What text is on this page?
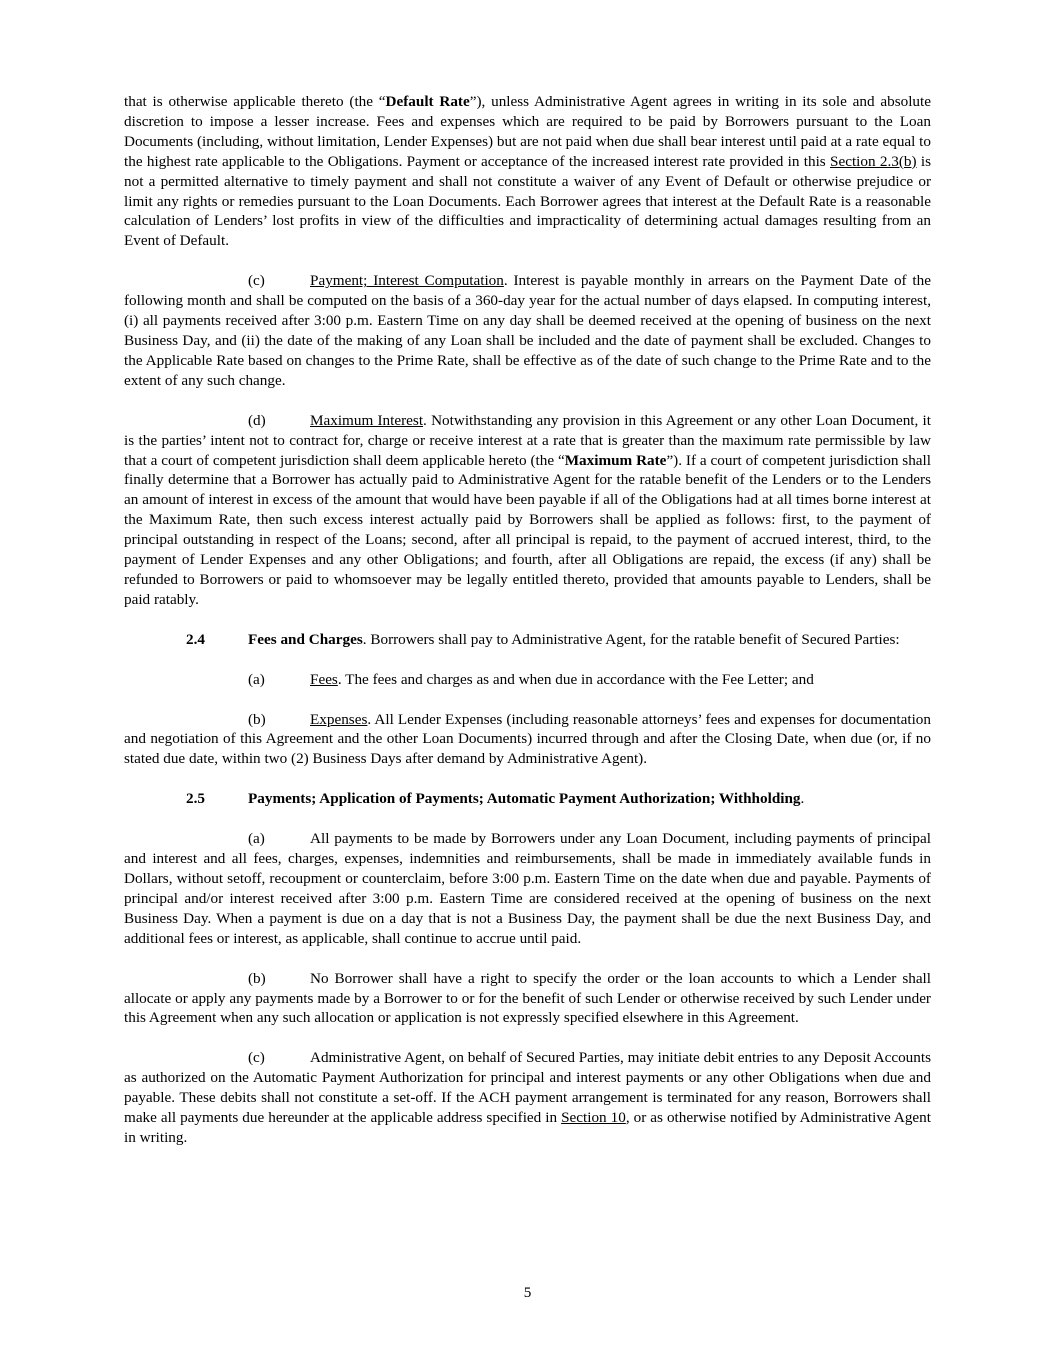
that is otherwise applicable thereto (the “Default Rate”), unless Administrative Agent agrees in writing in its sole and absolute discretion to impose a lesser increase. Fees and expenses which are required to be paid by Borrowers pursuant to the Loan Documents (including, without limitation, Lender Expenses) but are not paid when due shall bear interest until paid at a rate equal to the highest rate applicable to the Obligations. Payment or acceptance of the increased interest rate provided in this Section 2.3(b) is not a permitted alternative to timely payment and shall not constitute a waiver of any Event of Default or otherwise prejudice or limit any rights or remedies pursuant to the Loan Documents. Each Borrower agrees that interest at the Default Rate is a reasonable calculation of Lenders’ lost profits in view of the difficulties and impracticality of determining actual damages resulting from an Event of Default.

(c)	Payment; Interest Computation. Interest is payable monthly in arrears on the Payment Date of the following month and shall be computed on the basis of a 360-day year for the actual number of days elapsed. In computing interest, (i) all payments received after 3:00 p.m. Eastern Time on any day shall be deemed received at the opening of business on the next Business Day, and (ii) the date of the making of any Loan shall be included and the date of payment shall be excluded. Changes to the Applicable Rate based on changes to the Prime Rate, shall be effective as of the date of such change to the Prime Rate and to the extent of any such change.

(d)	Maximum Interest. Notwithstanding any provision in this Agreement or any other Loan Document, it is the parties’ intent not to contract for, charge or receive interest at a rate that is greater than the maximum rate permissible by law that a court of competent jurisdiction shall deem applicable hereto (the “Maximum Rate”). If a court of competent jurisdiction shall finally determine that a Borrower has actually paid to Administrative Agent for the ratable benefit of the Lenders or to the Lenders an amount of interest in excess of the amount that would have been payable if all of the Obligations had at all times borne interest at the Maximum Rate, then such excess interest actually paid by Borrowers shall be applied as follows: first, to the payment of principal outstanding in respect of the Loans; second, after all principal is repaid, to the payment of accrued interest, third, to the payment of Lender Expenses and any other Obligations; and fourth, after all Obligations are repaid, the excess (if any) shall be refunded to Borrowers or paid to whomsoever may be legally entitled thereto, provided that amounts payable to Lenders, shall be paid ratably.

2.4	Fees and Charges. Borrowers shall pay to Administrative Agent, for the ratable benefit of Secured Parties:

(a)	Fees. The fees and charges as and when due in accordance with the Fee Letter; and

(b)	Expenses. All Lender Expenses (including reasonable attorneys’ fees and expenses for documentation and negotiation of this Agreement and the other Loan Documents) incurred through and after the Closing Date, when due (or, if no stated due date, within two (2) Business Days after demand by Administrative Agent).

2.5	Payments; Application of Payments; Automatic Payment Authorization; Withholding.

(a)	All payments to be made by Borrowers under any Loan Document, including payments of principal and interest and all fees, charges, expenses, indemnities and reimbursements, shall be made in immediately available funds in Dollars, without setoff, recoupment or counterclaim, before 3:00 p.m. Eastern Time on the date when due and payable. Payments of principal and/or interest received after 3:00 p.m. Eastern Time are considered received at the opening of business on the next Business Day. When a payment is due on a day that is not a Business Day, the payment shall be due the next Business Day, and additional fees or interest, as applicable, shall continue to accrue until paid.

(b)	No Borrower shall have a right to specify the order or the loan accounts to which a Lender shall allocate or apply any payments made by a Borrower to or for the benefit of such Lender or otherwise received by such Lender under this Agreement when any such allocation or application is not expressly specified elsewhere in this Agreement.

(c)	Administrative Agent, on behalf of Secured Parties, may initiate debit entries to any Deposit Accounts as authorized on the Automatic Payment Authorization for principal and interest payments or any other Obligations when due and payable. These debits shall not constitute a set-off. If the ACH payment arrangement is terminated for any reason, Borrowers shall make all payments due hereunder at the applicable address specified in Section 10, or as otherwise notified by Administrative Agent in writing.

5
